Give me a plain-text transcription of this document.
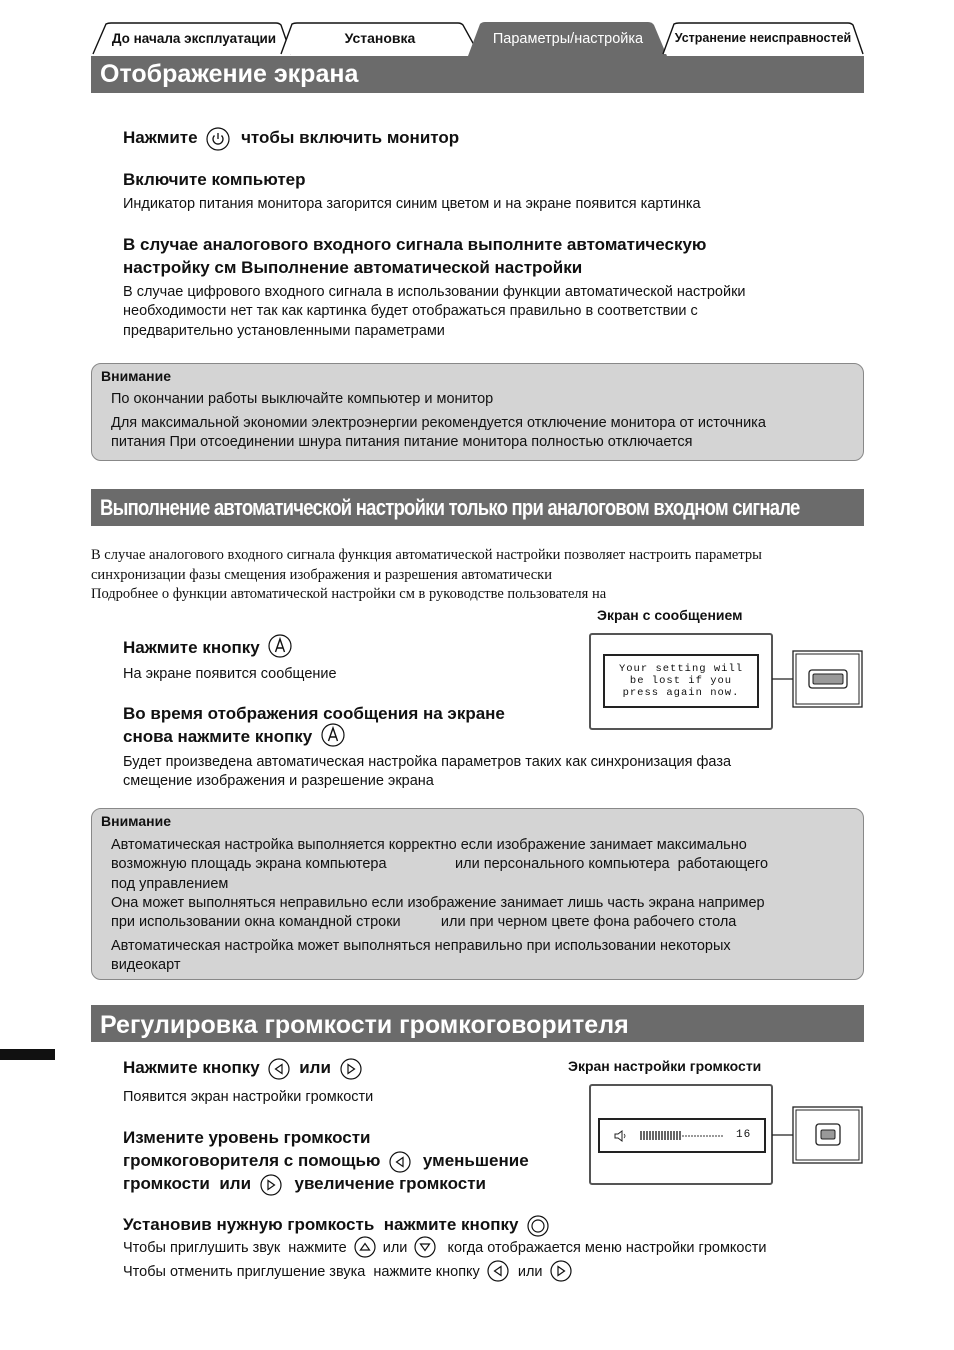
До начала эксплуатации	Установка	Параметры/настройка	Устранение неисправностей
Отображение экрана
Нажмите	чтобы включить монитор
Включите компьютер
Индикатор питания монитора загорится синим цветом и на экране появится картинка
В случае аналогового входного сигнала выполните автоматическую
настройку см Выполнение автоматической настройки
В случае цифрового входного сигнала в использовании функции автоматической настройки
необходимости нет так как картинка будет отображаться правильно в соответствии с
предварительно установленными параметрами
Внимание
По окончании работы выключайте компьютер и монитор
Для максимальной экономии электроэнергии рекомендуется отключение монитора от источника
питания При отсоединении шнура питания питание монитора полностью отключается
Выполнение автоматической настройки только при аналоговом входном сигнале
В случае аналогового входного сигнала функция автоматической настройки позволяет настроить параметры
синхронизации фазы смещения изображения и разрешения автоматически
Подробнее о функции автоматической настройки см в руководстве пользователя на
Экран с сообщением
Your setting will
be lost if you
press again now.
Нажмите кнопку
На экране появится сообщение
Во время отображения сообщения на экране
снова нажмите кнопку
Будет произведена автоматическая настройка параметров таких как синхронизация фаза
смещение изображения и разрешение экрана
Внимание
Автоматическая настройка выполняется корректно если изображение занимает максимально
возможную площадь экрана компьютера                 или персонального компьютера  работающего
под управлением
Она может выполняться неправильно если изображение занимает лишь часть экрана например
при использовании окна командной строки          или при черном цвете фона рабочего стола
Автоматическая настройка может выполняться неправильно при использовании некоторых
видеокарт
Регулировка громкости громкоговорителя
Нажмите кнопку или
Появится экран настройки громкости
Экран настройки громкости
16
Измените уровень громкости
громкоговорителя с помощью уменьшение
громкости  или	увеличение громкости
Установив нужную громкость  нажмите кнопку
Чтобы приглушить звук  нажмите или	когда отображается меню настройки громкости
Чтобы отменить приглушение звука  нажмите кнопку	или
